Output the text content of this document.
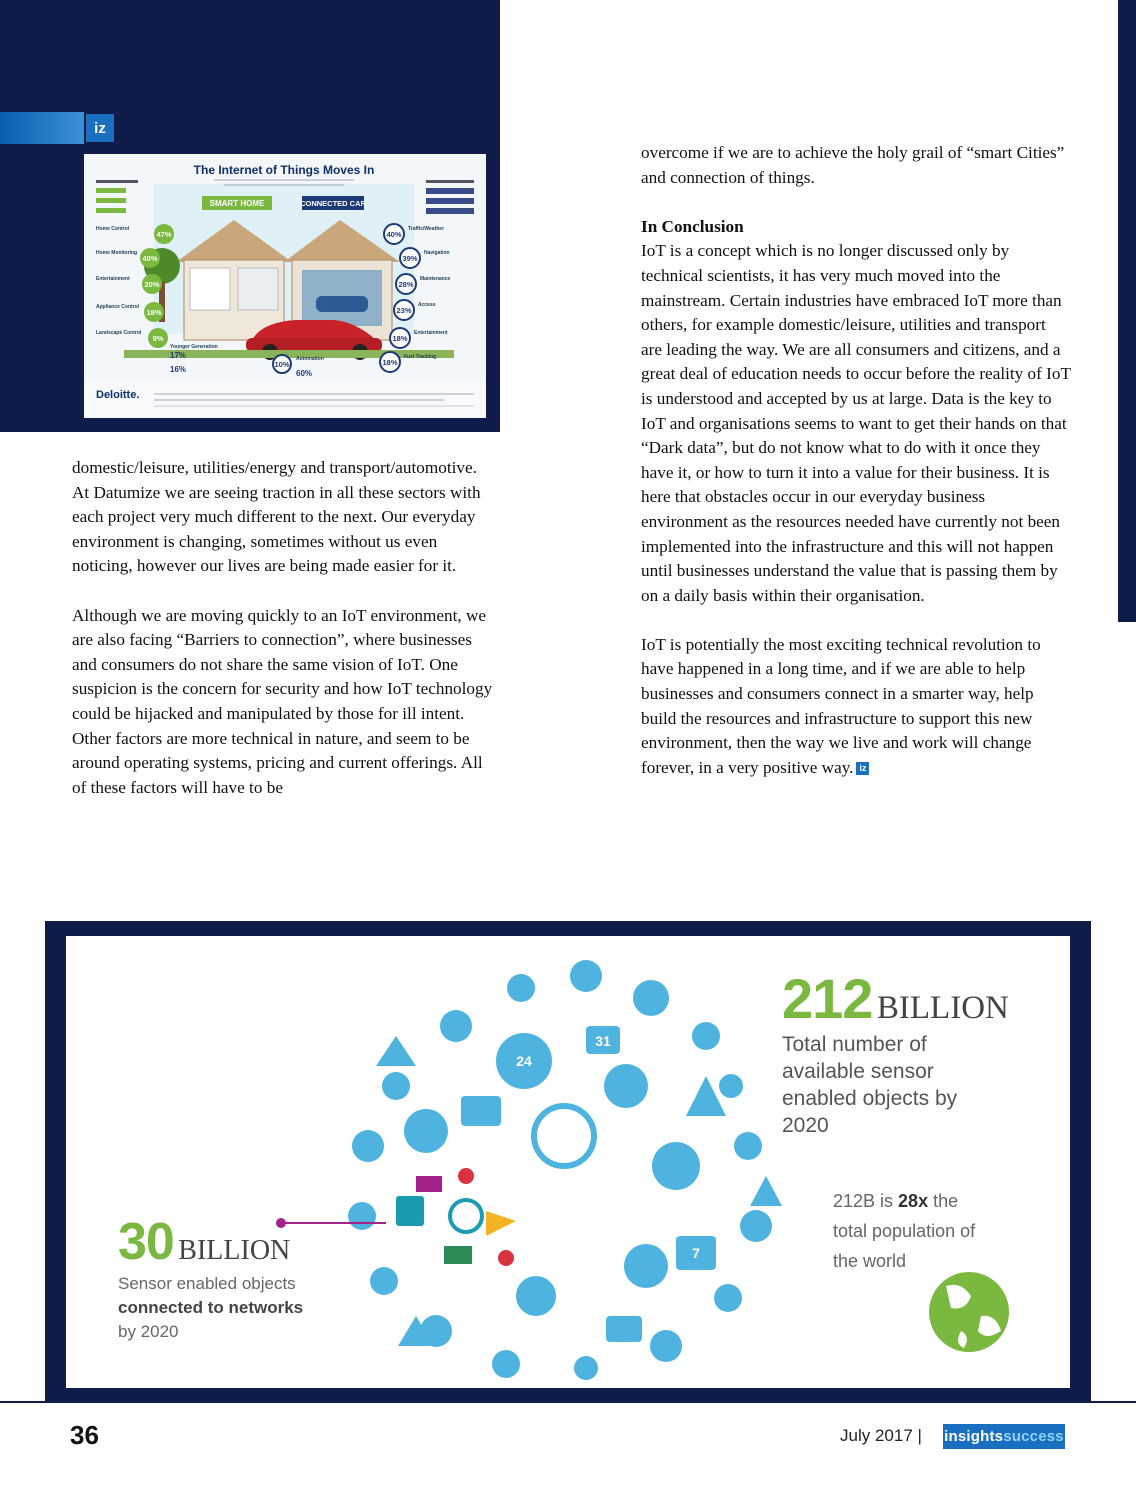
iz
The Internet of Things Moves In
SMART HOME	CONNECTED CAR
47%
Home Control
40%
Home Monitoring
20%
Entertainment
18%
Appliance Control
9%
Landscape Control
40%
Traffic/Weather
39%
Navigation
28%
Maintenance
23%
Access
18%
Entertainment
18%
Fuel Tracking
17%
Younger Generation
16%
10%
Automation
60%
Deloitte.

domestic/leisure, utilities/energy and transport/automotive. At Datumize we are seeing traction in all these sectors with each project very much different to the next. Our everyday environment is changing, sometimes without us even noticing, however our lives are being made easier for it.

Although we are moving quickly to an IoT environment, we are also facing “Barriers to connection”, where businesses and consumers do not share the same vision of IoT. One suspicion is the concern for security and how IoT technology could be hijacked and manipulated by those for ill intent. Other factors are more technical in nature, and seem to be around operating systems, pricing and current offerings. All of these factors will have to be

overcome if we are to achieve the holy grail of “smart Cities” and connection of things.

In Conclusion
IoT is a concept which is no longer discussed only by technical scientists, it has very much moved into the mainstream. Certain industries have embraced IoT more than others, for example domestic/leisure, utilities and transport are leading the way. We are all consumers and citizens, and a great deal of education needs to occur before the reality of IoT is understood and accepted by us at large. Data is the key to IoT and organisations seems to want to get their hands on that “Dark data”, but do not know what to do with it once they have it, or how to turn it into a value for their business. It is here that obstacles occur in our everyday business environment as the resources needed have currently not been implemented into the infrastructure and this will not happen until businesses understand the value that is passing them by on a daily basis within their organisation.

IoT is potentially the most exciting technical revolution to have happened in a long time, and if we are able to help businesses and consumers connect in a smarter way, help build the resources and infrastructure to support this new environment, then the way we live and work will change forever, in a very positive way. iz

24
31
7
212 BILLION
Total number of
available sensor
enabled objects by
2020
212B is 28x the
total population of
the world
30 BILLION
Sensor enabled objects
connected to networks
by 2020
36	July 2017 | insights success
